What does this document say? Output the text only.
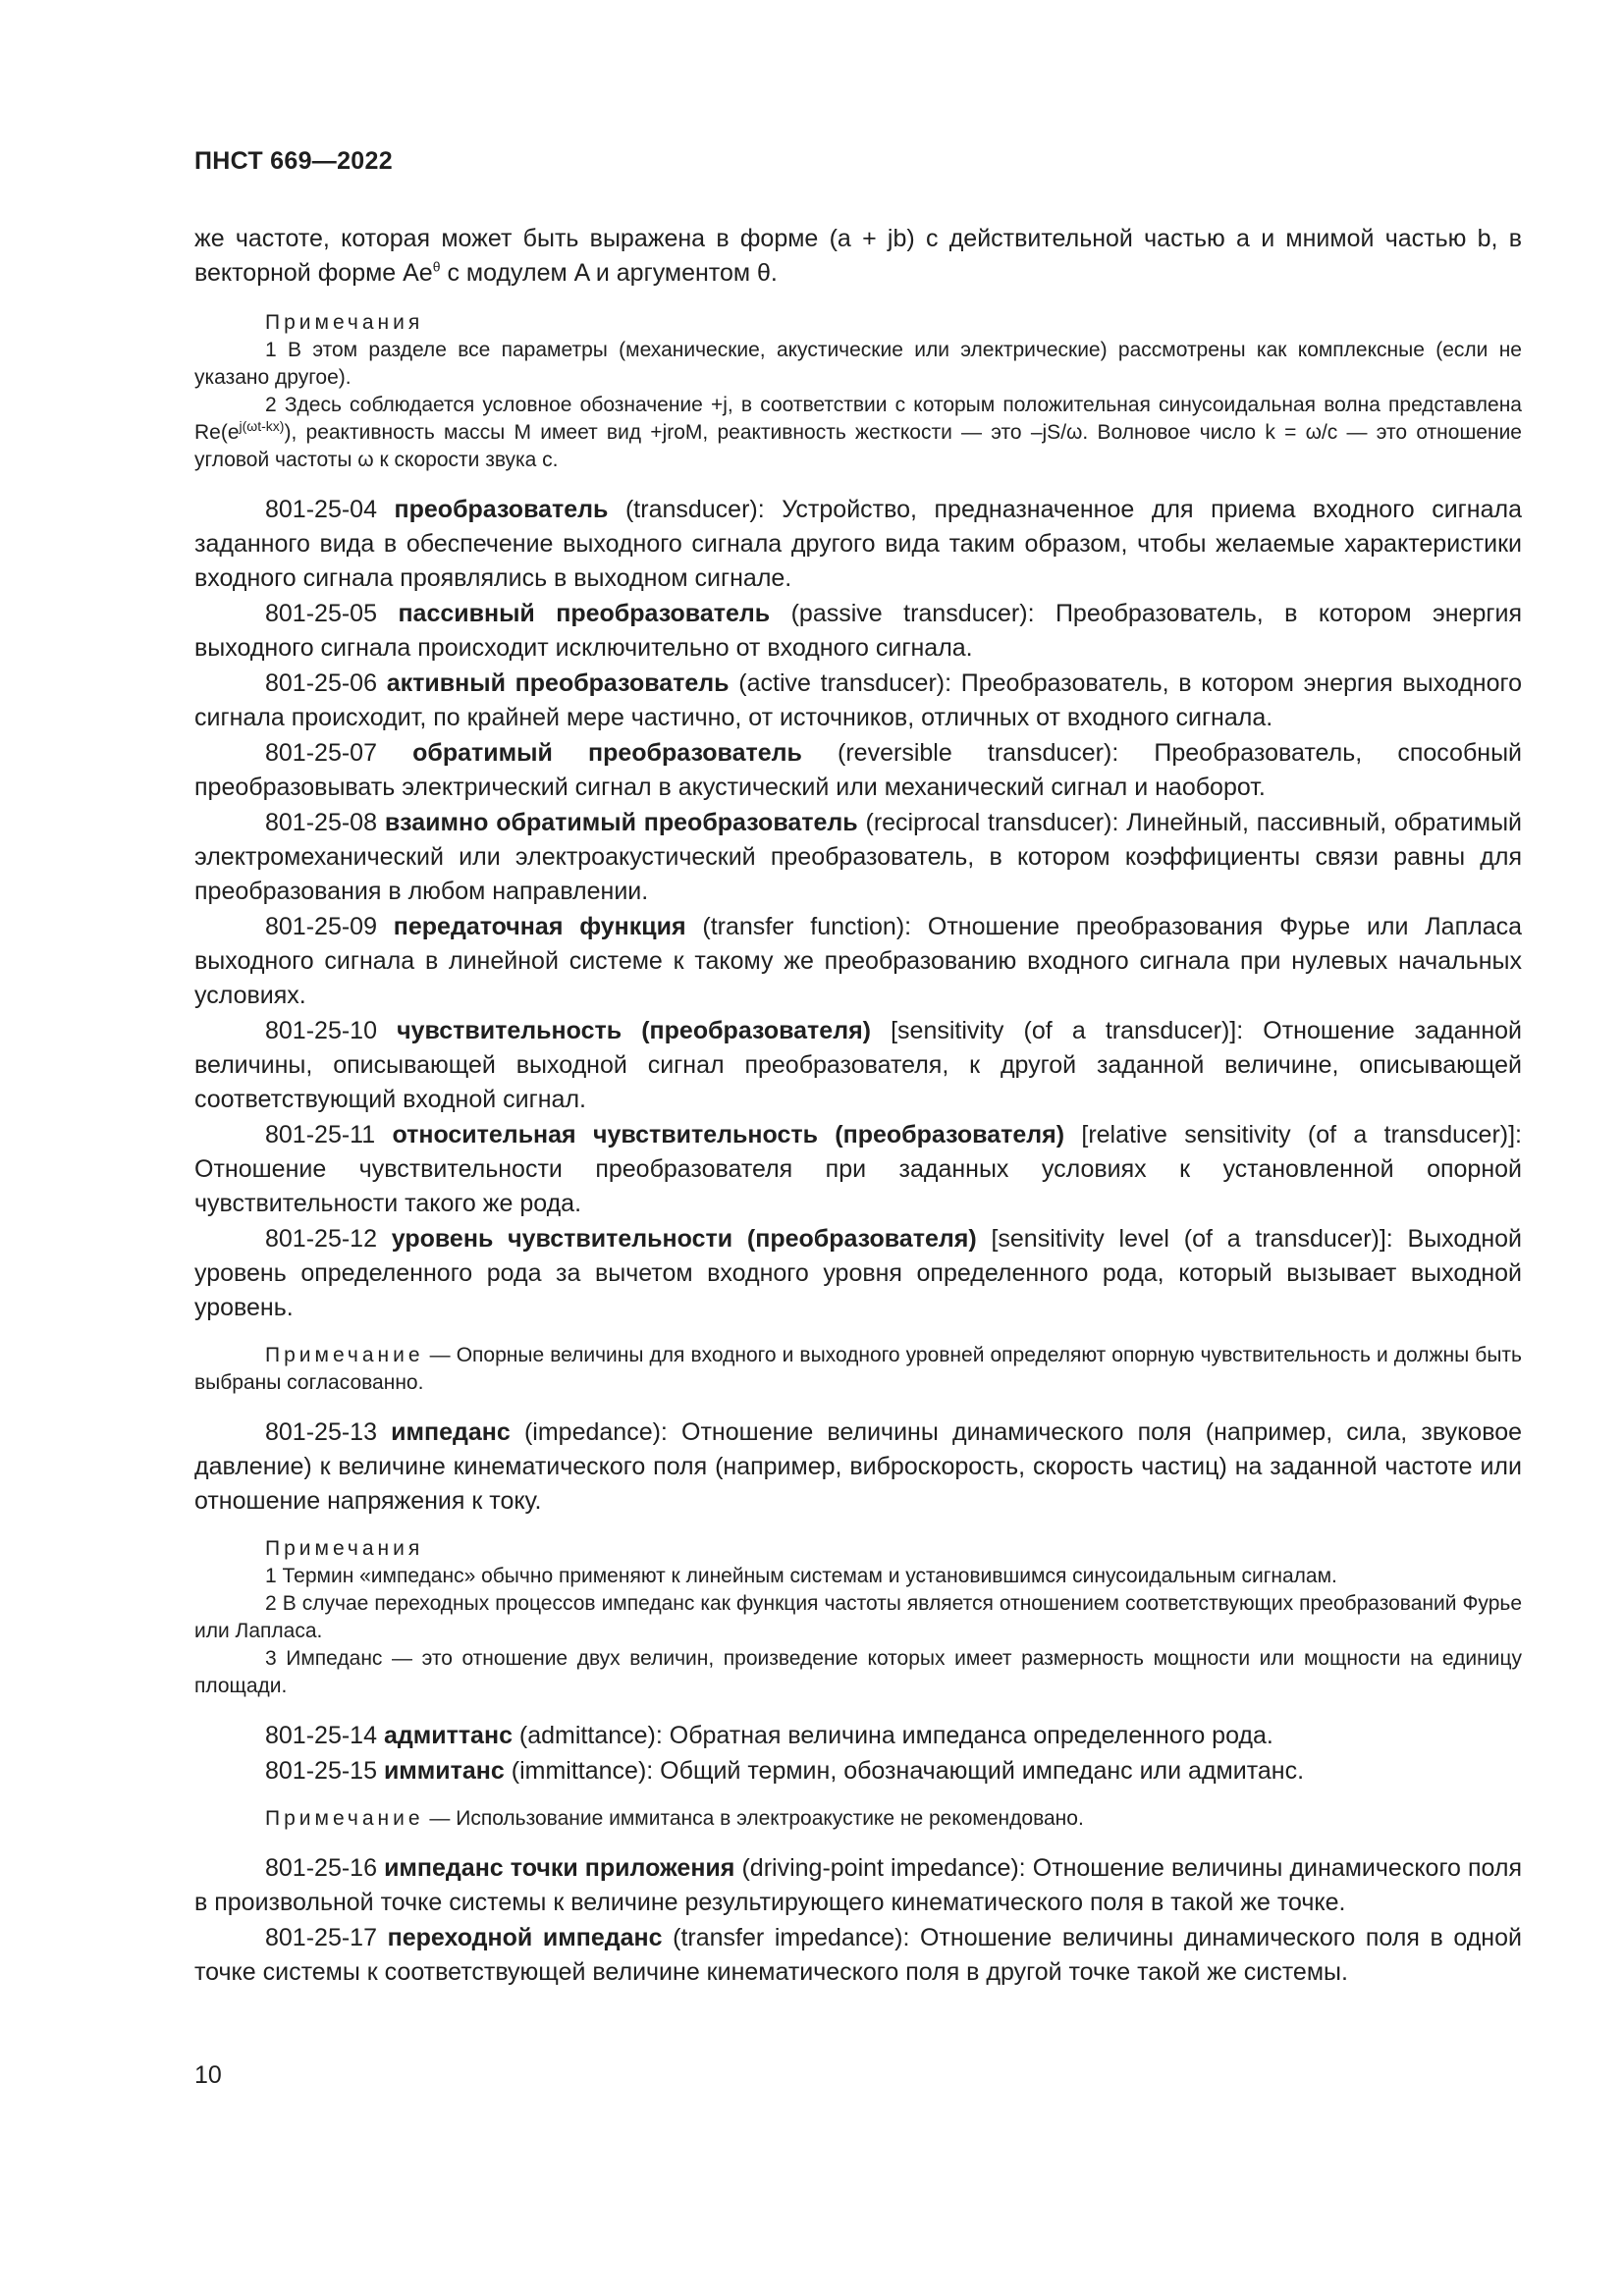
ПНСТ 669—2022

же частоте, которая может быть выражена в форме (a + jb) с действительной частью a и мнимой частью b, в векторной форме $Ae^\theta$ с модулем A и аргументом θ.

Примечания

1 В этом разделе все параметры (механические, акустические или электрические) рассмотрены как комплексные (если не указано другое).

2 Здесь соблюдается условное обозначение +j, в соответствии с которым положительная синусоидальная волна представлена $Re(e^{j(\omega t-kx)})$, реактивность массы M имеет вид +jroM, реактивность жесткости — это –jS/ω. Волновое число k = ω/c — это отношение угловой частоты ω к скорости звука c.

801-25-04 преобразователь (transducer): Устройство, предназначенное для приема входного сигнала заданного вида в обеспечение выходного сигнала другого вида таким образом, чтобы желаемые характеристики входного сигнала проявлялись в выходном сигнале.

801-25-05 пассивный преобразователь (passive transducer): Преобразователь, в котором энергия выходного сигнала происходит исключительно от входного сигнала.

801-25-06 активный преобразователь (active transducer): Преобразователь, в котором энергия выходного сигнала происходит, по крайней мере частично, от источников, отличных от входного сигнала.

801-25-07 обратимый преобразователь (reversible transducer): Преобразователь, способный преобразовывать электрический сигнал в акустический или механический сигнал и наоборот.

801-25-08 взаимно обратимый преобразователь (reciprocal transducer): Линейный, пассивный, обратимый электромеханический или электроакустический преобразователь, в котором коэффициенты связи равны для преобразования в любом направлении.

801-25-09 передаточная функция (transfer function): Отношение преобразования Фурье или Лапласа выходного сигнала в линейной системе к такому же преобразованию входного сигнала при нулевых начальных условиях.

801-25-10 чувствительность (преобразователя) [sensitivity (of a transducer)]: Отношение заданной величины, описывающей выходной сигнал преобразователя, к другой заданной величине, описывающей соответствующий входной сигнал.

801-25-11 относительная чувствительность (преобразователя) [relative sensitivity (of a transducer)]: Отношение чувствительности преобразователя при заданных условиях к установленной опорной чувствительности такого же рода.

801-25-12 уровень чувствительности (преобразователя) [sensitivity level (of a transducer)]: Выходной уровень определенного рода за вычетом входного уровня определенного рода, который вызывает выходной уровень.

Примечание — Опорные величины для входного и выходного уровней определяют опорную чувствительность и должны быть выбраны согласованно.

801-25-13 импеданс (impedance): Отношение величины динамического поля (например, сила, звуковое давление) к величине кинематического поля (например, виброскорость, скорость частиц) на заданной частоте или отношение напряжения к току.

Примечания

1 Термин «импеданс» обычно применяют к линейным системам и установившимся синусоидальным сигналам.

2 В случае переходных процессов импеданс как функция частоты является отношением соответствующих преобразований Фурье или Лапласа.

3 Импеданс — это отношение двух величин, произведение которых имеет размерность мощности или мощности на единицу площади.

801-25-14 адмиттанс (admittance): Обратная величина импеданса определенного рода.

801-25-15 иммитанс (immittance): Общий термин, обозначающий импеданс или адмитанс.

Примечание — Использование иммитанса в электроакустике не рекомендовано.

801-25-16 импеданс точки приложения (driving-point impedance): Отношение величины динамического поля в произвольной точке системы к величине результирующего кинематического поля в такой же точке.

801-25-17 переходной импеданс (transfer impedance): Отношение величины динамического поля в одной точке системы к соответствующей величине кинематического поля в другой точке такой же системы.

10
